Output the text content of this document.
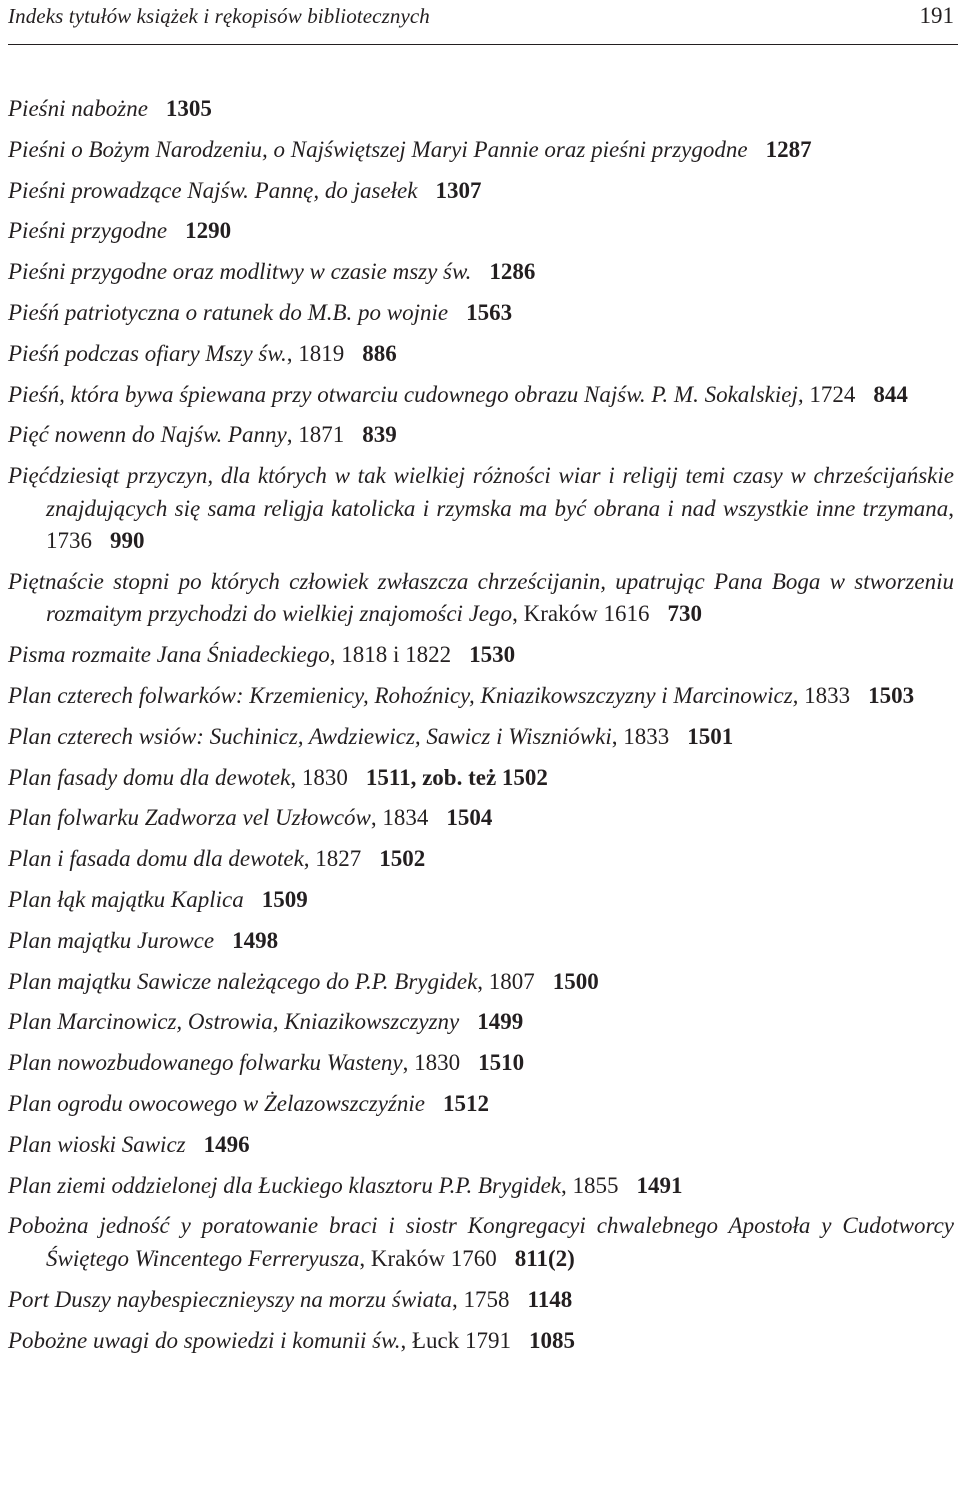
Indeks tytułów książek i rękopisów bibliotecznych	191
Pieśni nabożne 1305
Pieśni o Bożym Narodzeniu, o Najświętszej Maryi Pannie oraz pieśni przygodne 1287
Pieśni prowadzące Najśw. Pannę, do jasełek 1307
Pieśni przygodne 1290
Pieśni przygodne oraz modlitwy w czasie mszy św. 1286
Pieśń patriotyczna o ratunek do M.B. po wojnie 1563
Pieśń podczas ofiary Mszy św., 1819 886
Pieśń, która bywa śpiewana przy otwarciu cudownego obrazu Najśw. P. M. Sokalskiej, 1724 844
Pięć nowenn do Najśw. Panny, 1871 839
Pięćdziesiąt przyczyn, dla których w tak wielkiej różności wiar i religij temi czasy w chrześcijańskie znajdujących się sama religja katolicka i rzymska ma być obrana i nad wszystkie inne trzymana, 1736 990
Piętnaście stopni po których człowiek zwłaszcza chrześcijanin, upatrując Pana Boga w stworzeniu rozmaitym przychodzi do wielkiej znajomości Jego, Kraków 1616 730
Pisma rozmaite Jana Śniadeckiego, 1818 i 1822 1530
Plan czterech folwarków: Krzemienicy, Rohoźnicy, Kniazikowszczyzny i Marcinowicz, 1833 1503
Plan czterech wsiów: Suchinicz, Awdziewicz, Sawicz i Wiszniówki, 1833 1501
Plan fasady domu dla dewotek, 1830 1511, zob. też 1502
Plan folwarku Zadworza vel Uzłowców, 1834 1504
Plan i fasada domu dla dewotek, 1827 1502
Plan łąk majątku Kaplica 1509
Plan majątku Jurowce 1498
Plan majątku Sawicze należącego do P.P. Brygidek, 1807 1500
Plan Marcinowicz, Ostrowia, Kniazikowszczyzny 1499
Plan nowozbudowanego folwarku Wasteny, 1830 1510
Plan ogrodu owocowego w Żelazowszczyźnie 1512
Plan wioski Sawicz 1496
Plan ziemi oddzielonej dla Łuckiego klasztoru P.P. Brygidek, 1855 1491
Pobożna jedność y poratowanie braci i siostr Kongregacyi chwalebnego Apostoła y Cudotworcy Świętego Wincentego Ferreryusza, Kraków 1760 811(2)
Port Duszy naybespiecznieyszy na morzu świata, 1758 1148
Pobożne uwagi do spowiedzi i komunii św., Łuck 1791 1085
